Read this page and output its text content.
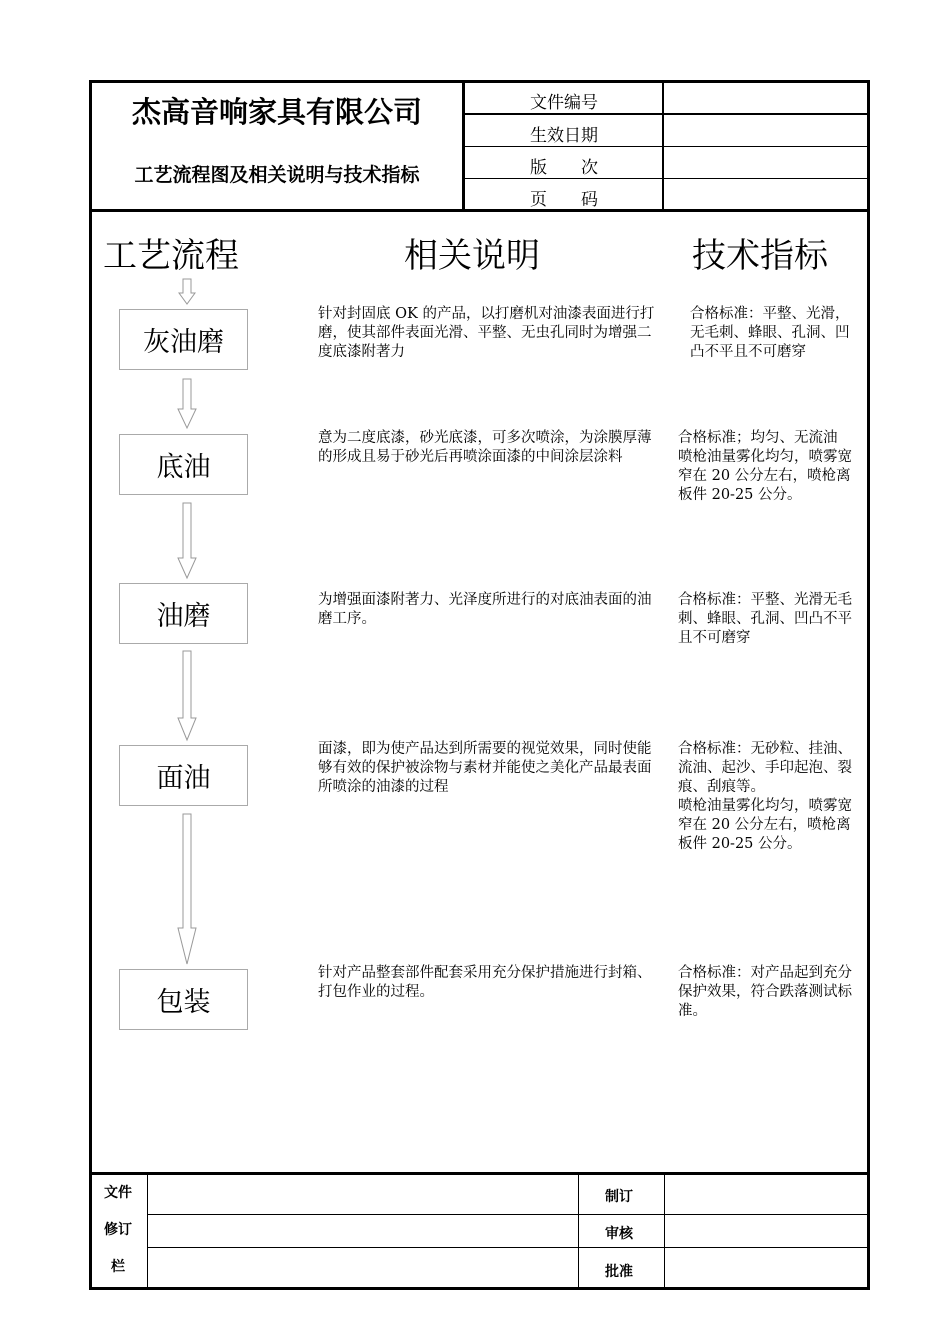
杰高音响家具有限公司
工艺流程图及相关说明与技术指标
文件编号
生效日期
版　　次
页　　码
工艺流程	相关说明	技术指标
灰油磨
底油
油磨
面油
包装
针对封固底 OK 的产品，以打磨机对油漆表面进行打磨，使其部件表面光滑、平整、无虫孔同时为增强二度底漆附著力
意为二度底漆，砂光底漆，可多次喷涂，为涂膜厚薄的形成且易于砂光后再喷涂面漆的中间涂层涂料
为增强面漆附著力、光泽度所进行的对底油表面的油磨工序。
面漆，即为使产品达到所需要的视觉效果，同时使能够有效的保护被涂物与素材并能使之美化产品最表面所喷涂的油漆的过程
针对产品整套部件配套采用充分保护措施进行封箱、打包作业的过程。
合格标准：平整、光滑，无毛刺、蜂眼、孔洞、凹凸不平且不可磨穿
合格标准；均匀、无流油
喷枪油量雾化均匀，喷雾宽窄在 20 公分左右，喷枪离板件 20-25 公分。
合格标准：平整、光滑无毛刺、蜂眼、孔洞、凹凸不平且不可磨穿
合格标准：无砂粒、挂油、流油、起沙、手印起泡、裂痕、刮痕等。
喷枪油量雾化均匀，喷雾宽窄在 20 公分左右，喷枪离板件 20-25 公分。
合格标准：对产品起到充分保护效果，符合跌落测试标准。
文件
修订
栏
制订
审核
批准
